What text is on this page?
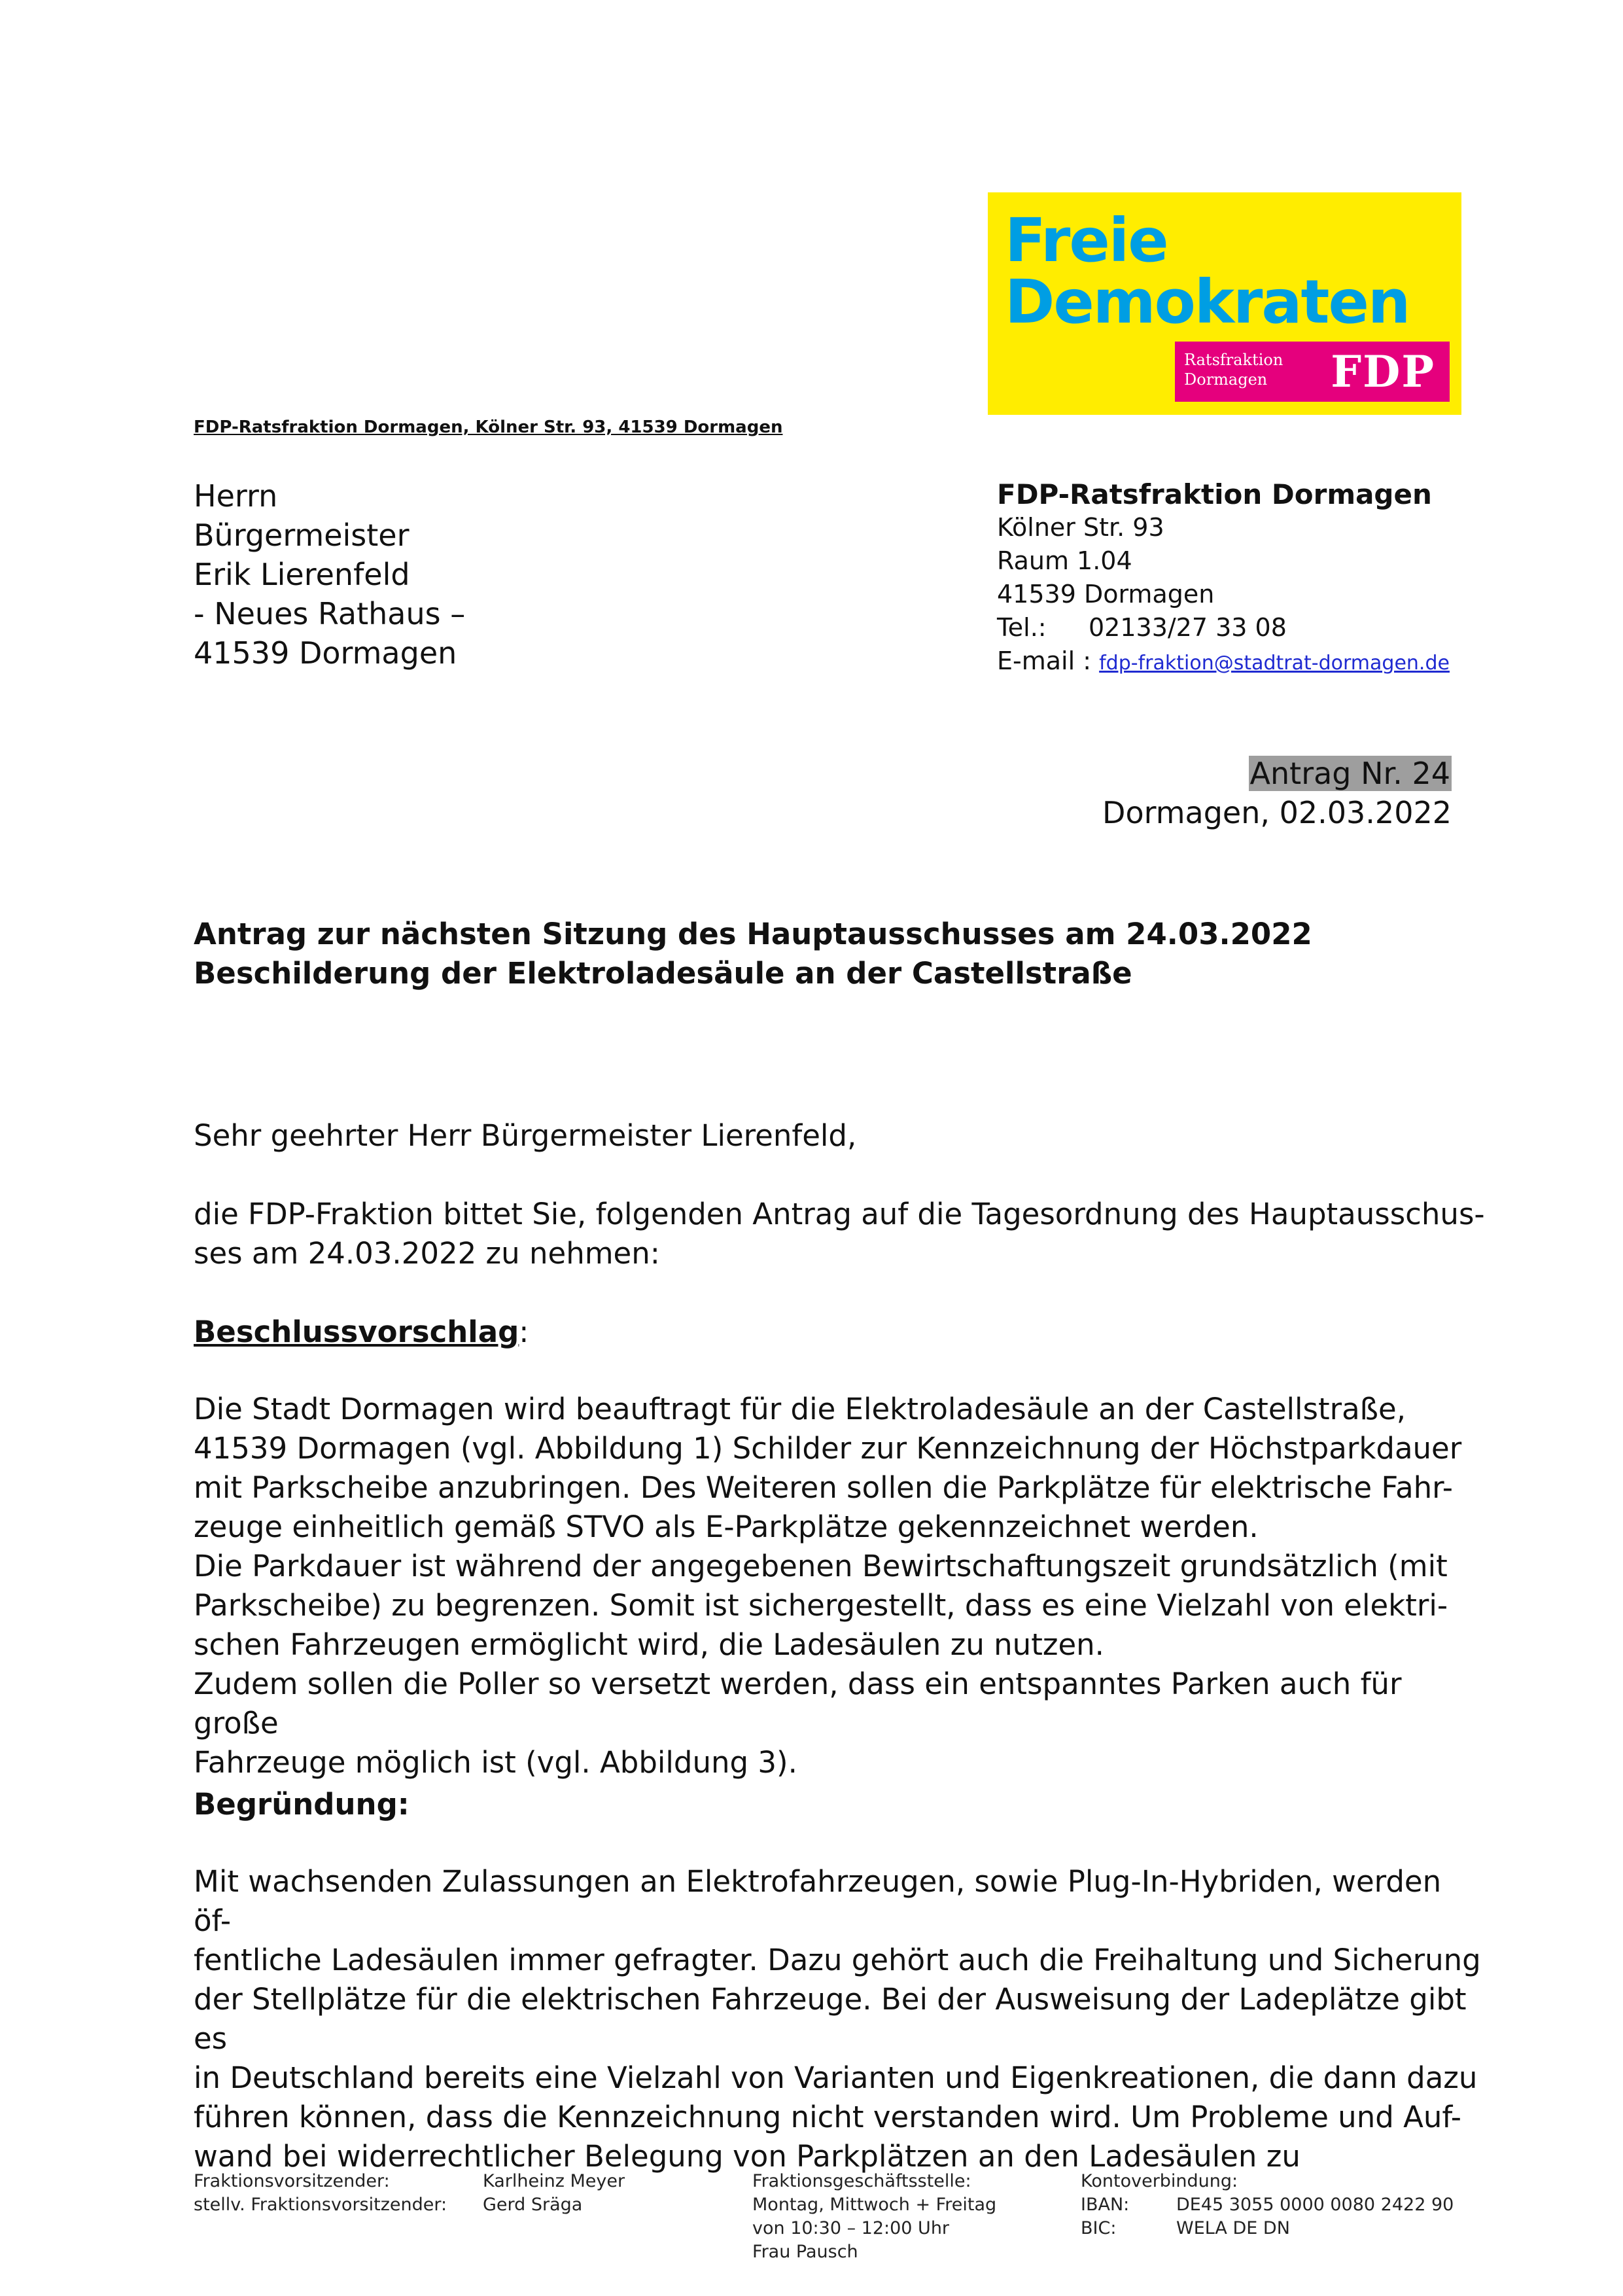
Freie
Demokraten
Ratsfraktion
Dormagen FDP
FDP-Ratsfraktion Dormagen, Kölner Str. 93, 41539 Dormagen
Herrn
Bürgermeister
Erik Lierenfeld
- Neues Rathaus –
41539 Dormagen
FDP-Ratsfraktion Dormagen
Kölner Str. 93
Raum 1.04
41539 Dormagen
Tel.: 02133/27 33 08
E-mail : fdp-fraktion@stadtrat-dormagen.de
Antrag Nr. 24
Dormagen, 02.03.2022
Antrag zur nächsten Sitzung des Hauptausschusses am 24.03.2022
Beschilderung der Elektroladesäule an der Castellstraße
Sehr geehrter Herr Bürgermeister Lierenfeld,
die FDP-Fraktion bittet Sie, folgenden Antrag auf die Tagesordnung des Hauptausschus-
ses am 24.03.2022 zu nehmen:
Beschlussvorschlag:
Die Stadt Dormagen wird beauftragt für die Elektroladesäule an der Castellstraße,
41539 Dormagen (vgl. Abbildung 1) Schilder zur Kennzeichnung der Höchstparkdauer
mit Parkscheibe anzubringen. Des Weiteren sollen die Parkplätze für elektrische Fahr-
zeuge einheitlich gemäß STVO als E-Parkplätze gekennzeichnet werden.
Die Parkdauer ist während der angegebenen Bewirtschaftungszeit grundsätzlich (mit
Parkscheibe) zu begrenzen. Somit ist sichergestellt, dass es eine Vielzahl von elektri-
schen Fahrzeugen ermöglicht wird, die Ladesäulen zu nutzen.
Zudem sollen die Poller so versetzt werden, dass ein entspanntes Parken auch für große
Fahrzeuge möglich ist (vgl. Abbildung 3).
Begründung:
Mit wachsenden Zulassungen an Elektrofahrzeugen, sowie Plug-In-Hybriden, werden öf-
fentliche Ladesäulen immer gefragter. Dazu gehört auch die Freihaltung und Sicherung
der Stellplätze für die elektrischen Fahrzeuge. Bei der Ausweisung der Ladeplätze gibt es
in Deutschland bereits eine Vielzahl von Varianten und Eigenkreationen, die dann dazu
führen können, dass die Kennzeichnung nicht verstanden wird. Um Probleme und Auf-
wand bei widerrechtlicher Belegung von Parkplätzen an den Ladesäulen zu
Fraktionsvorsitzender:
stellv. Fraktionsvorsitzender:
Karlheinz Meyer
Gerd Sräga
Fraktionsgeschäftsstelle:
Montag, Mittwoch + Freitag
von 10:30 – 12:00 Uhr
Frau Pausch
Kontoverbindung:
IBAN:	DE45 3055 0000 0080 2422 90
BIC:	WELA DE DN
